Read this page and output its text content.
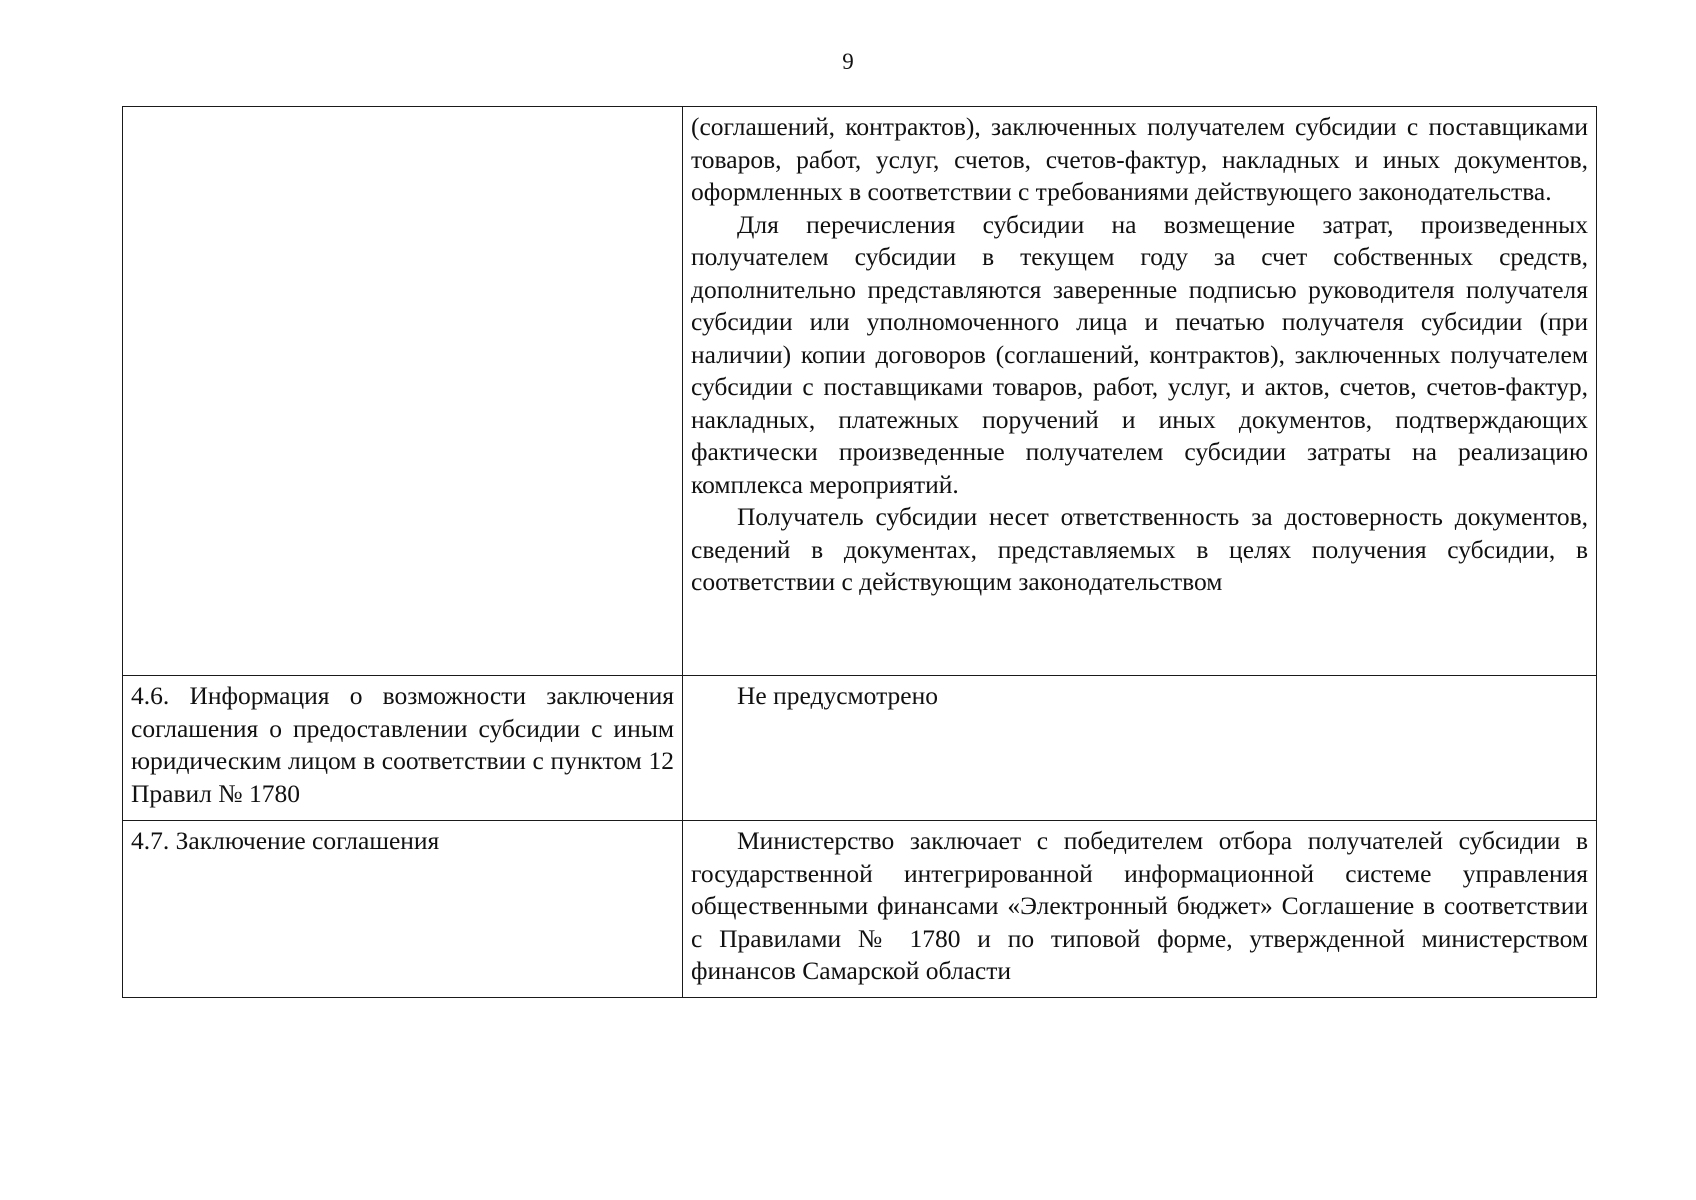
9

	(соглашений, контрактов), заключенных получателем субсидии с поставщиками товаров, работ, услуг, счетов, счетов-фактур, накладных и иных документов, оформленных в соответствии с требованиями действующего законодательства.

Для перечисления субсидии на возмещение затрат, произведенных получателем субсидии в текущем году за счет собственных средств, дополнительно представляются заверенные подписью руководителя получателя субсидии или уполномоченного лица и печатью получателя субсидии (при наличии) копии договоров (соглашений, контрактов), заключенных получателем субсидии с поставщиками товаров, работ, услуг, и актов, счетов, счетов-фактур, накладных, платежных поручений и иных документов, подтверждающих фактически произведенные получателем субсидии затраты на реализацию комплекса мероприятий.

Получатель субсидии несет ответственность за достоверность документов, сведений в документах, представляемых в целях получения субсидии, в соответствии с действующим законодательством

4.6. Информация о возможности заключения соглашения о предоставлении субсидии с иным юридическим лицом в соответствии с пунктом 12 Правил № 1780	Не предусмотрено

4.7. Заключение соглашения	Министерство заключает с победителем отбора получателей субсидии в государственной интегрированной информационной системе управления общественными финансами «Электронный бюджет» Соглашение в соответствии с Правилами № 1780 и по типовой форме, утвержденной министерством финансов Самарской области
